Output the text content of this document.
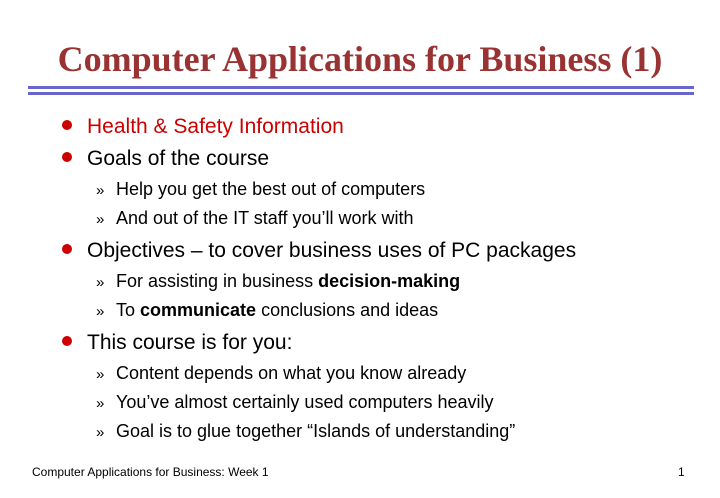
Computer Applications for Business (1)
Health & Safety Information
Goals of the course
» Help you get the best out of computers
» And out of the IT staff you’ll work with
Objectives – to cover business uses of PC packages
» For assisting in business decision-making
» To communicate conclusions and ideas
This course is for you:
» Content depends on what you know already
» You’ve almost certainly used computers heavily
» Goal is to glue together “Islands of understanding”
Computer Applications for Business: Week 1	1
